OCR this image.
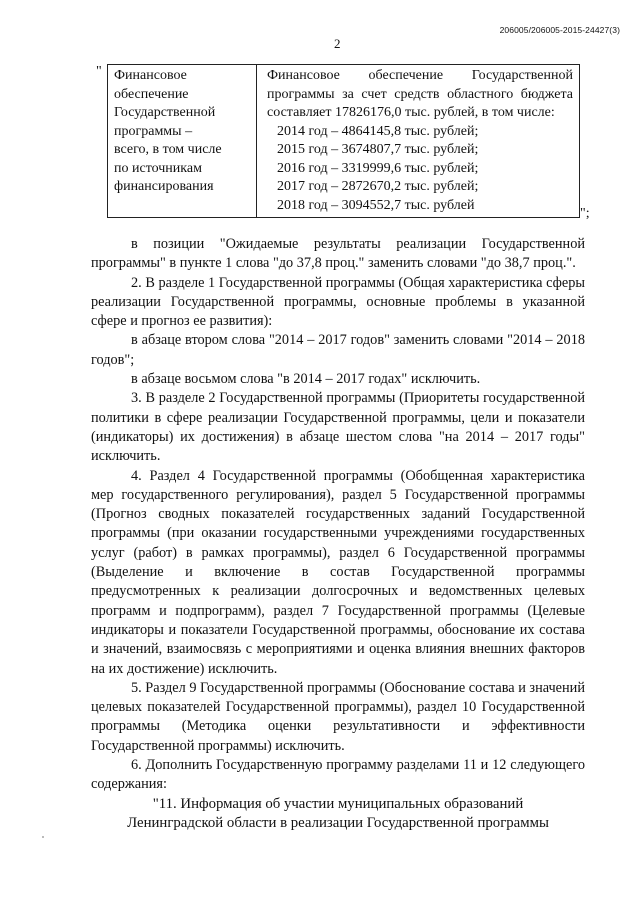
2
206005/206005-2015-24427(3)
" Финансовое
обеспечение
Государственной
программы –
всего, в том числе
по источникам
финансирования

Финансовое обеспечение Государственной программы за счет средств областного бюджета составляет 17826176,0 тыс. рублей, в том числе:
2014 год – 4864145,8 тыс. рублей;
2015 год – 3674807,7 тыс. рублей;
2016 год – 3319999,6 тыс. рублей;
2017 год – 2872670,2 тыс. рублей;
2018 год – 3094552,7 тыс. рублей
";

в позиции "Ожидаемые результаты реализации Государственной программы" в пункте 1 слова "до 37,8 проц." заменить словами "до 38,7 проц.".

2. В разделе 1 Государственной программы (Общая характеристика сферы реализации Государственной программы, основные проблемы в указанной сфере и прогноз ее развития):

в абзаце втором слова "2014 – 2017 годов" заменить словами "2014 – 2018 годов";

в абзаце восьмом слова "в 2014 – 2017 годах" исключить.

3. В разделе 2 Государственной программы (Приоритеты государственной политики в сфере реализации Государственной программы, цели и показатели (индикаторы) их достижения) в абзаце шестом слова "на 2014 – 2017 годы" исключить.

4. Раздел 4 Государственной программы (Обобщенная характеристика мер государственного регулирования), раздел 5 Государственной программы (Прогноз сводных показателей государственных заданий Государственной программы (при оказании государственными учреждениями государственных услуг (работ) в рамках программы), раздел 6 Государственной программы (Выделение и включение в состав Государственной программы предусмотренных к реализации долгосрочных и ведомственных целевых программ и подпрограмм), раздел 7 Государственной программы (Целевые индикаторы и показатели Государственной программы, обоснование их состава и значений, взаимосвязь с мероприятиями и оценка влияния внешних факторов на их достижение) исключить.

5. Раздел 9 Государственной программы (Обоснование состава и значений целевых показателей Государственной программы), раздел 10 Государственной программы (Методика оценки результативности и эффективности Государственной программы) исключить.

6. Дополнить Государственную программу разделами 11 и 12 следующего содержания:

"11. Информация об участии муниципальных образований

Ленинградской области в реализации Государственной программы
